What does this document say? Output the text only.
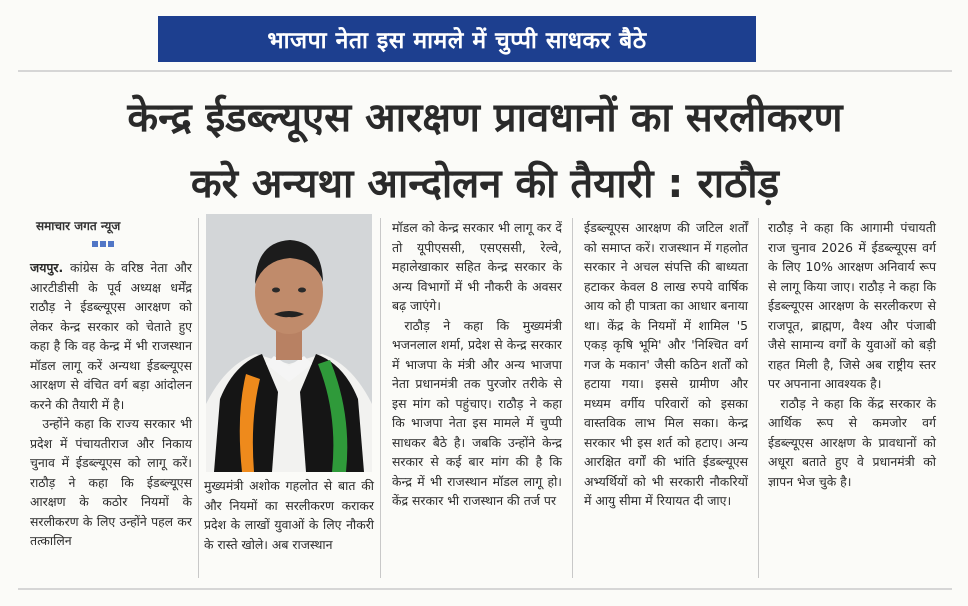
भाजपा नेता इस मामले में चुप्पी साधकर बैठे
केन्द्र ईडब्ल्यूएस आरक्षण प्रावधानों का सरलीकरण
करे अन्यथा आन्दोलन की तैयारी : राठौड़
समाचार जगत न्यूज

जयपुर. कांग्रेस के वरिष्ठ नेता और आरटीडीसी के पूर्व अध्यक्ष धर्मेंद्र राठौड़ ने ईडब्ल्यूएस आरक्षण को लेकर केन्द्र सरकार को चेताते हुए कहा है कि वह केन्द्र में भी राजस्थान मॉडल लागू करें अन्यथा ईडब्ल्यूएस आरक्षण से वंचित वर्ग बड़ा आंदोलन करने की तैयारी में है।

उन्होंने कहा कि राज्य सरकार भी प्रदेश में पंचायतीराज और निकाय चुनाव में ईडब्ल्यूएस को लागू करें। राठौड़ ने कहा कि ईडब्ल्यूएस आरक्षण के कठोर नियमों के सरलीकरण के लिए उन्होंने पहल कर तत्कालिन

मुख्यमंत्री अशोक गहलोत से बात की और नियमों का सरलीकरण कराकर प्रदेश के लाखों युवाओं के लिए नौकरी के रास्ते खोले। अब राजस्थान

मॉडल को केन्द्र सरकार भी लागू कर दें तो यूपीएससी, एसएससी, रेल्वे, महालेखाकार सहित केन्द्र सरकार के अन्य विभागों में भी नौकरी के अवसर बढ़ जाएंगे।

राठौड़ ने कहा कि मुख्यमंत्री भजनलाल शर्मा, प्रदेश से केन्द्र सरकार में भाजपा के मंत्री और अन्य भाजपा नेता प्रधानमंत्री तक पुरजोर तरीके से इस मांग को पहुंचाए। राठौड़ ने कहा कि भाजपा नेता इस मामले में चुप्पी साधकर बैठे है। जबकि उन्होंने केन्द्र सरकार से कई बार मांग की है कि केन्द्र में भी राजस्थान मॉडल लागू हो। केंद्र सरकार भी राजस्थान की तर्ज पर

ईडब्ल्यूएस आरक्षण की जटिल शर्तों को समाप्त करें। राजस्थान में गहलोत सरकार ने अचल संपत्ति की बाध्यता हटाकर केवल 8 लाख रुपये वार्षिक आय को ही पात्रता का आधार बनाया था। केंद्र के नियमों में शामिल '5 एकड़ कृषि भूमि' और 'निश्चित वर्ग गज के मकान' जैसी कठिन शर्तों को हटाया गया। इससे ग्रामीण और मध्यम वर्गीय परिवारों को इसका वास्तविक लाभ मिल सका। केन्द्र सरकार भी इस शर्त को हटाए। अन्य आरक्षित वर्गों की भांति ईडब्ल्यूएस अभ्यर्थियों को भी सरकारी नौकरियों में आयु सीमा में रियायत दी जाए।

राठौड़ ने कहा कि आगामी पंचायती राज चुनाव 2026 में ईडब्ल्यूएस वर्ग के लिए 10% आरक्षण अनिवार्य रूप से लागू किया जाए। राठौड़ ने कहा कि ईडब्ल्यूएस आरक्षण के सरलीकरण से राजपूत, ब्राह्मण, वैश्य और पंजाबी जैसे सामान्य वर्गों के युवाओं को बड़ी राहत मिली है, जिसे अब राष्ट्रीय स्तर पर अपनाना आवश्यक है।

राठौड़ ने कहा कि केंद्र सरकार के आर्थिक रूप से कमजोर वर्ग ईडब्ल्यूएस आरक्षण के प्रावधानों को अधूरा बताते हुए वे प्रधानमंत्री को ज्ञापन भेज चुके है।
